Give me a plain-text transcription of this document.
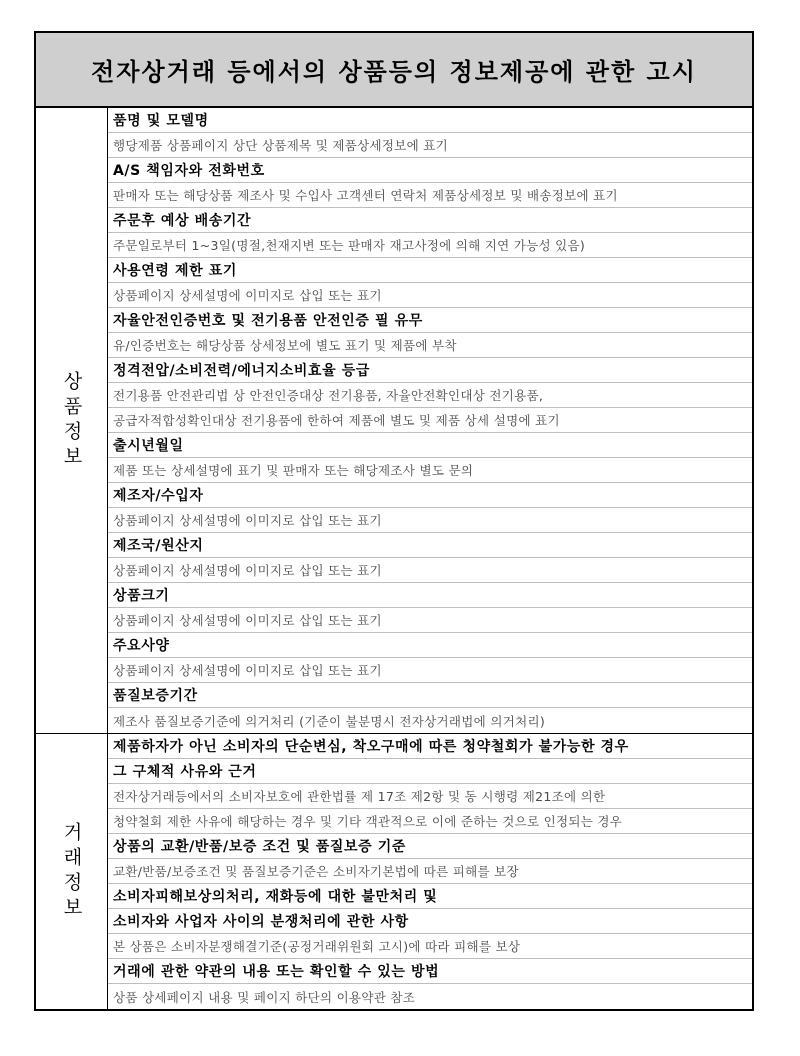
전자상거래 등에서의 상품등의 정보제공에 관한 고시
상품정보
품명 및 모델명
행당제품 상품페이지 상단 상품제목 및 제품상세정보에 표기
A/S 책임자와 전화번호
판매자 또는 해당상품 제조사 및 수입사 고객센터 연락처 제품상세정보 및 배송정보에 표기
주문후 예상 배송기간
주문일로부터 1~3일(명절,천재지변 또는 판매자 재고사정에 의해 지연 가능성 있음)
사용연령 제한 표기
상품페이지 상세설명에 이미지로 삽입 또는 표기
자율안전인증번호 및 전기용품 안전인증 필 유무
유/인증번호는 해당상품 상세정보에 별도 표기 및 제품에 부착
정격전압/소비전력/에너지소비효율 등급
전기용품 안전관리법 상 안전인증대상 전기용품, 자율안전확인대상 전기용품,
공급자적합성확인대상 전기용품에 한하여 제품에 별도 및 제품 상세 설명에 표기
출시년월일
제품 또는 상세설명에 표기 및 판매자 또는 해당제조사 별도 문의
제조자/수입자
상품페이지 상세설명에 이미지로 삽입 또는 표기
제조국/원산지
상품페이지 상세설명에 이미지로 삽입 또는 표기
상품크기
상품페이지 상세설명에 이미지로 삽입 또는 표기
주요사양
상품페이지 상세설명에 이미지로 삽입 또는 표기
품질보증기간
제조사 품질보증기준에 의거처리 (기준이 불분명시 전자상거래법에 의거처리)
거래정보
제품하자가 아닌 소비자의 단순변심, 착오구매에 따른 청약철회가 불가능한 경우
그 구체적 사유와 근거
전자상거래등에서의 소비자보호에 관한법률 제 17조 제2항 및 동 시행령 제21조에 의한
청약철회 제한 사유에 해당하는 경우 및 기타 객관적으로 이에 준하는 것으로 인정되는 경우
상품의 교환/반품/보증 조건 및 품질보증 기준
교환/반품/보증조건 및 품질보증기준은 소비자기본법에 따른 피해를 보장
소비자피해보상의처리, 재화등에 대한 불만처리 및
소비자와 사업자 사이의 분쟁처리에 관한 사항
본 상품은 소비자분쟁해결기준(공정거래위원회 고시)에 따라 피해를 보상
거래에 관한 약관의 내용 또는 확인할 수 있는 방법
상품 상세페이지 내용 및 페이지 하단의 이용약관 참조
